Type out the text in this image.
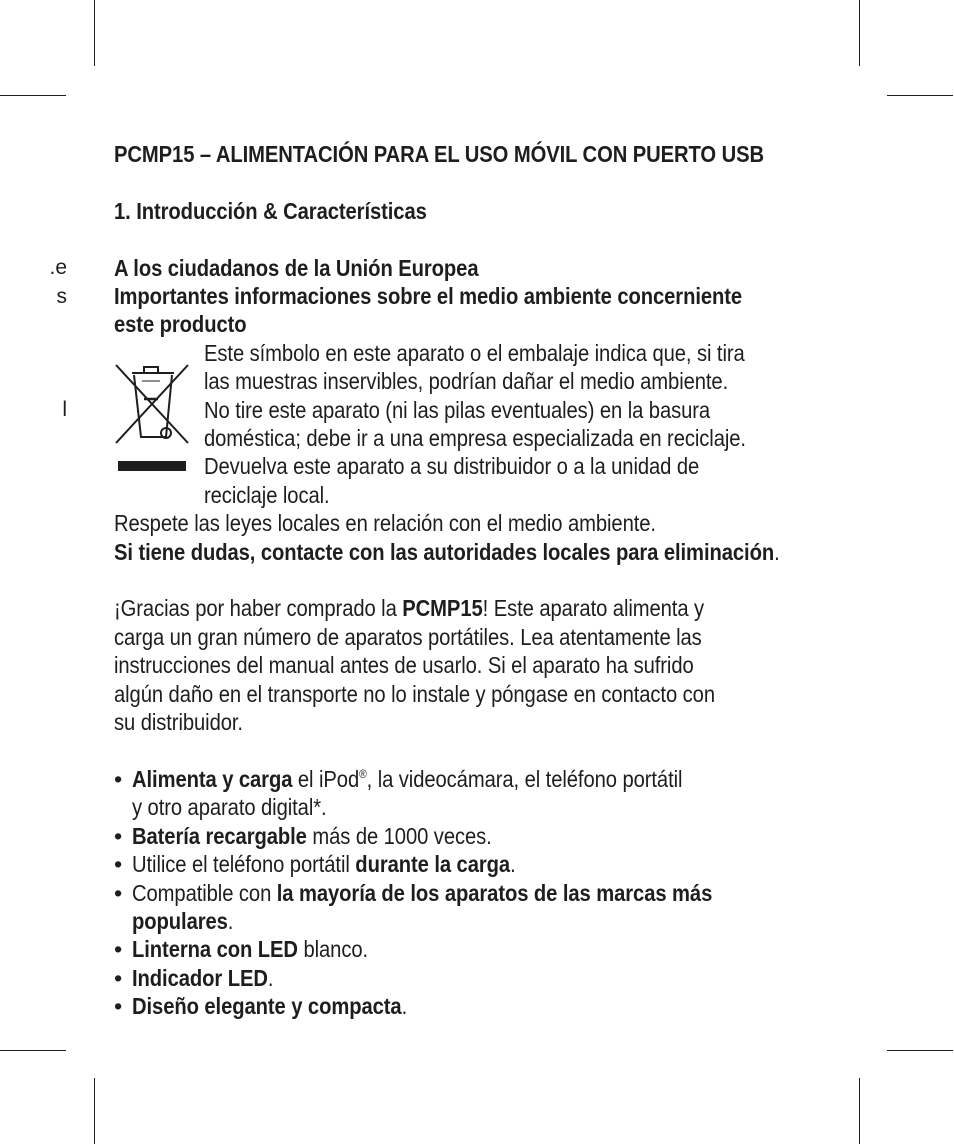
e.
s
l
PCMP15 – ALIMENTACIÓN PARA EL USO MÓVIL CON PUERTO USB
1. Introducción & Características
A los ciudadanos de la Unión Europea
Importantes informaciones sobre el medio ambiente concerniente
este producto
Este símbolo en este aparato o el embalaje indica que, si tira
las muestras inservibles, podrían dañar el medio ambiente.
No tire este aparato (ni las pilas eventuales) en la basura
doméstica; debe ir a una empresa especializada en reciclaje.
Devuelva este aparato a su distribuidor o a la unidad de
reciclaje local.
Respete las leyes locales en relación con el medio ambiente.
Si tiene dudas, contacte con las autoridades locales para eliminación.
¡Gracias por haber comprado la PCMP15! Este aparato alimenta y
carga un gran número de aparatos portátiles. Lea atentamente las
instrucciones del manual antes de usarlo. Si el aparato ha sufrido
algún daño en el transporte no lo instale y póngase en contacto con
su distribuidor.
• Alimenta y carga el iPod®, la videocámara, el teléfono portátil
y otro aparato digital*.
• Batería recargable más de 1000 veces.
• Utilice el teléfono portátil durante la carga.
• Compatible con la mayoría de los aparatos de las marcas más
populares.
• Linterna con LED blanco.
• Indicador LED.
• Diseño elegante y compacta.
